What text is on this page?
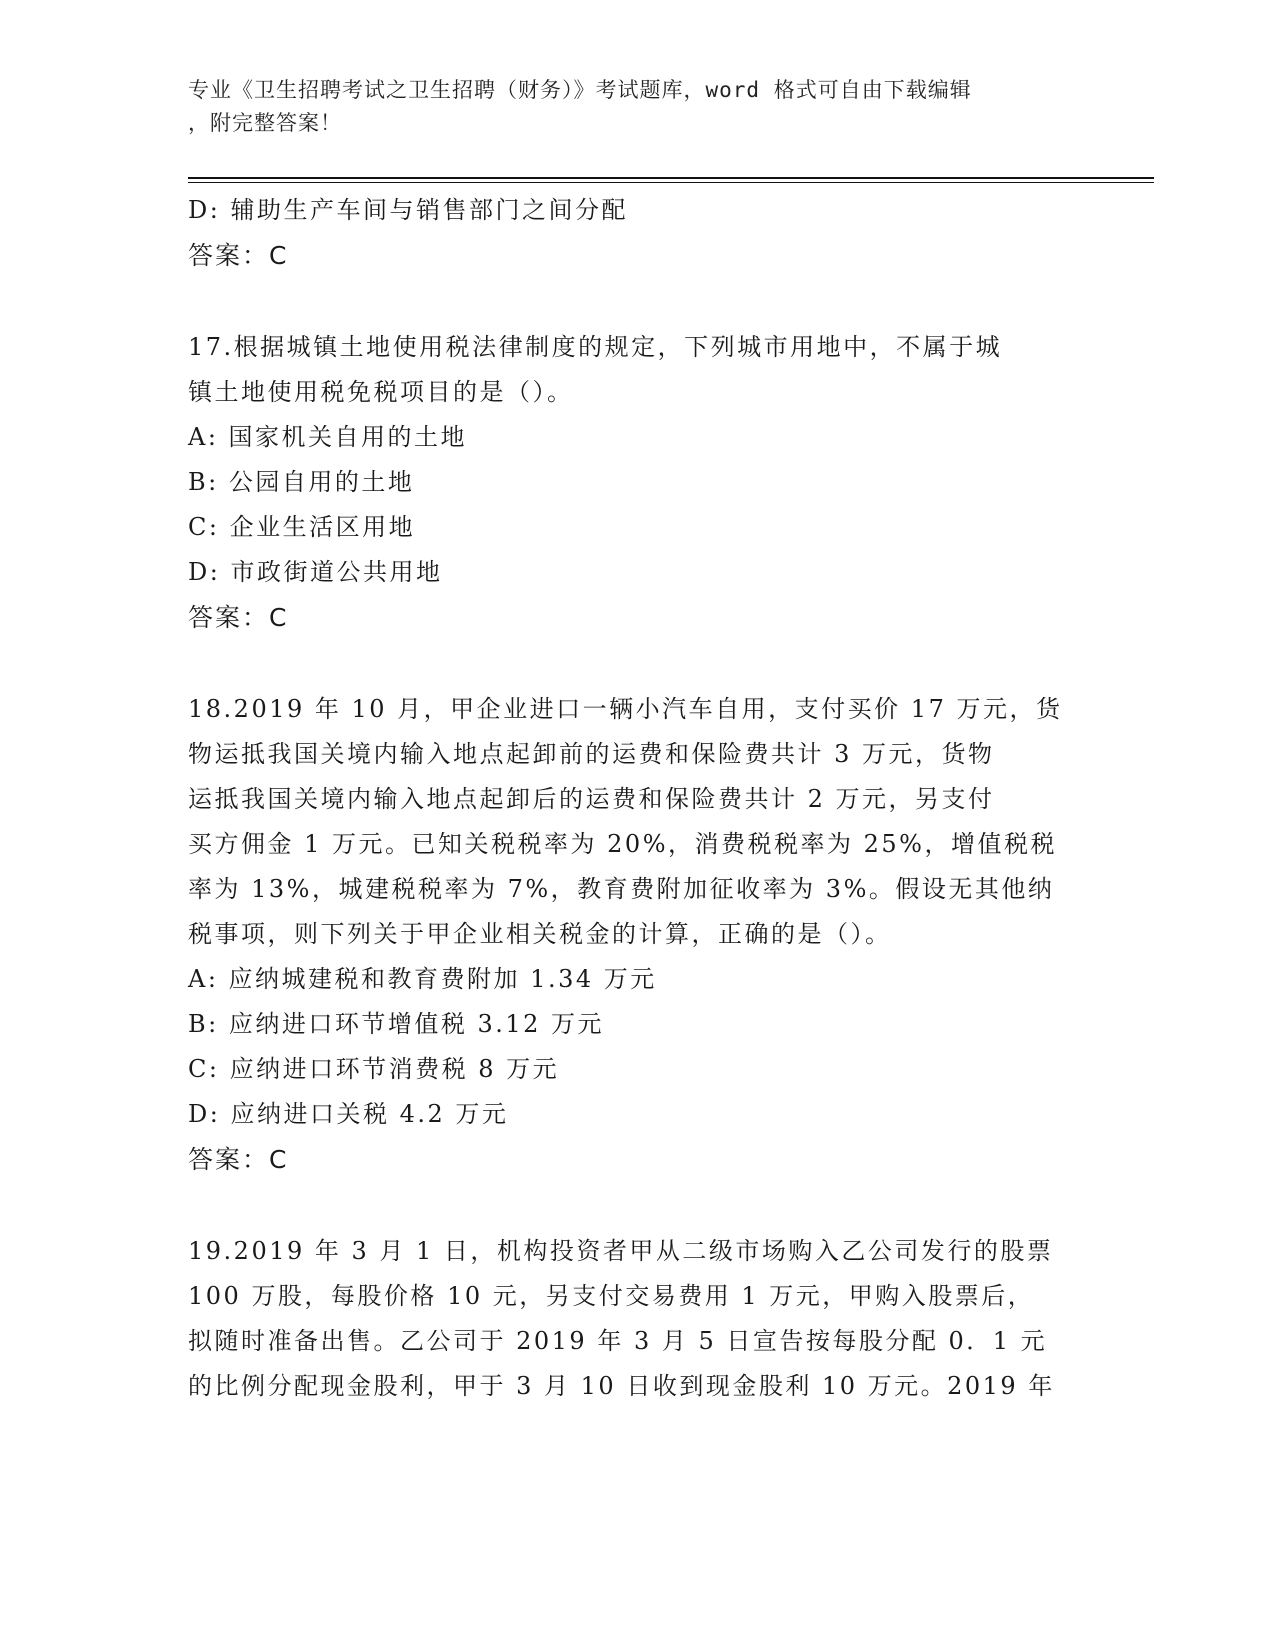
专业《卫生招聘考试之卫生招聘（财务）》考试题库，word 格式可自由下载编辑
，附完整答案！
D: 辅助生产车间与销售部门之间分配
答案：C
17.根据城镇土地使用税法律制度的规定，下列城市用地中，不属于城
镇土地使用税免税项目的是（）。
A: 国家机关自用的土地
B: 公园自用的土地
C: 企业生活区用地
D: 市政街道公共用地
答案：C
18.2019 年 10 月，甲企业进口一辆小汽车自用，支付买价 17 万元，货
物运抵我国关境内输入地点起卸前的运费和保险费共计 3 万元，货物
运抵我国关境内输入地点起卸后的运费和保险费共计 2 万元，另支付
买方佣金 1 万元。已知关税税率为 20%，消费税税率为 25%，增值税税
率为 13%，城建税税率为 7%，教育费附加征收率为 3%。假设无其他纳
税事项，则下列关于甲企业相关税金的计算，正确的是（）。
A: 应纳城建税和教育费附加 1.34 万元
B: 应纳进口环节增值税 3.12 万元
C: 应纳进口环节消费税 8 万元
D: 应纳进口关税 4.2 万元
答案：C
19.2019 年 3 月 1 日，机构投资者甲从二级市场购入乙公司发行的股票
100 万股，每股价格 10 元，另支付交易费用 1 万元，甲购入股票后，
拟随时准备出售。乙公司于 2019 年 3 月 5 日宣告按每股分配 0．1 元
的比例分配现金股利，甲于 3 月 10 日收到现金股利 10 万元。2019 年
